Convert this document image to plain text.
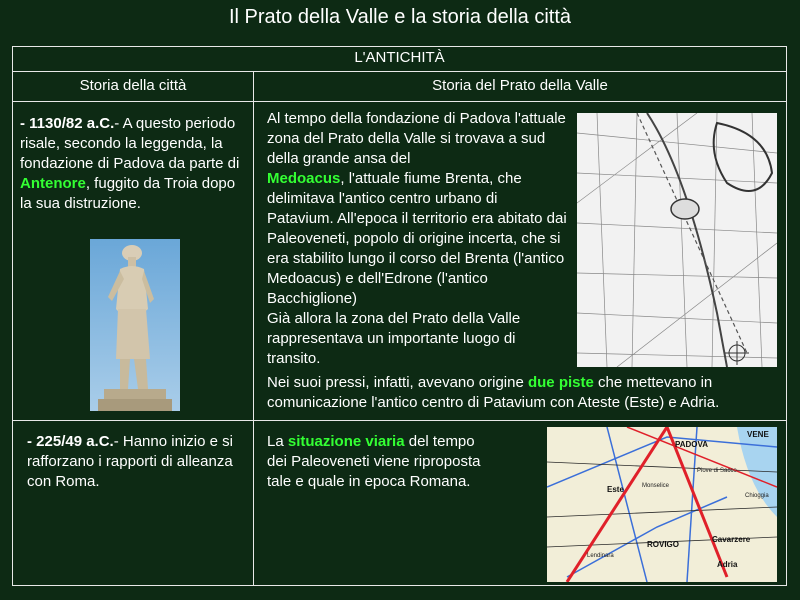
Il Prato della Valle e la storia della città
L'ANTICHITÀ
Storia della città	Storia del Prato della Valle
- 1130/82 a.C.- A questo periodo risale, secondo la leggenda, la fondazione di Padova da parte di Antenore, fuggito da Troia dopo la sua distruzione.
Al tempo della fondazione di Padova l'attuale zona del Prato della Valle si trovava a sud della grande ansa del
Medoacus, l'attuale fiume Brenta, che delimitava l'antico centro urbano di Patavium. All'epoca il territorio era abitato dai Paleoveneti, popolo di origine incerta, che si era stabilito lungo il corso del Brenta (l'antico Medoacus) e dell'Edrone (l'antico Bacchiglione)
Già allora la zona del Prato della Valle rappresentava un importante luogo di transito.
Nei suoi pressi, infatti, avevano origine due piste che mettevano in comunicazione l'antico centro di Patavium con Ateste (Este) e Adria.
- 225/49 a.C.- Hanno inizio e si rafforzano i rapporti di alleanza con Roma.
La situazione viaria del tempo dei Paleoveneti viene riproposta tale e quale in epoca Romana.
PADOVA
VENE
ROVIGO
Adria
Este
Cavarzere
Monselice
Piove di Sacco
Chioggia
Lendinara
